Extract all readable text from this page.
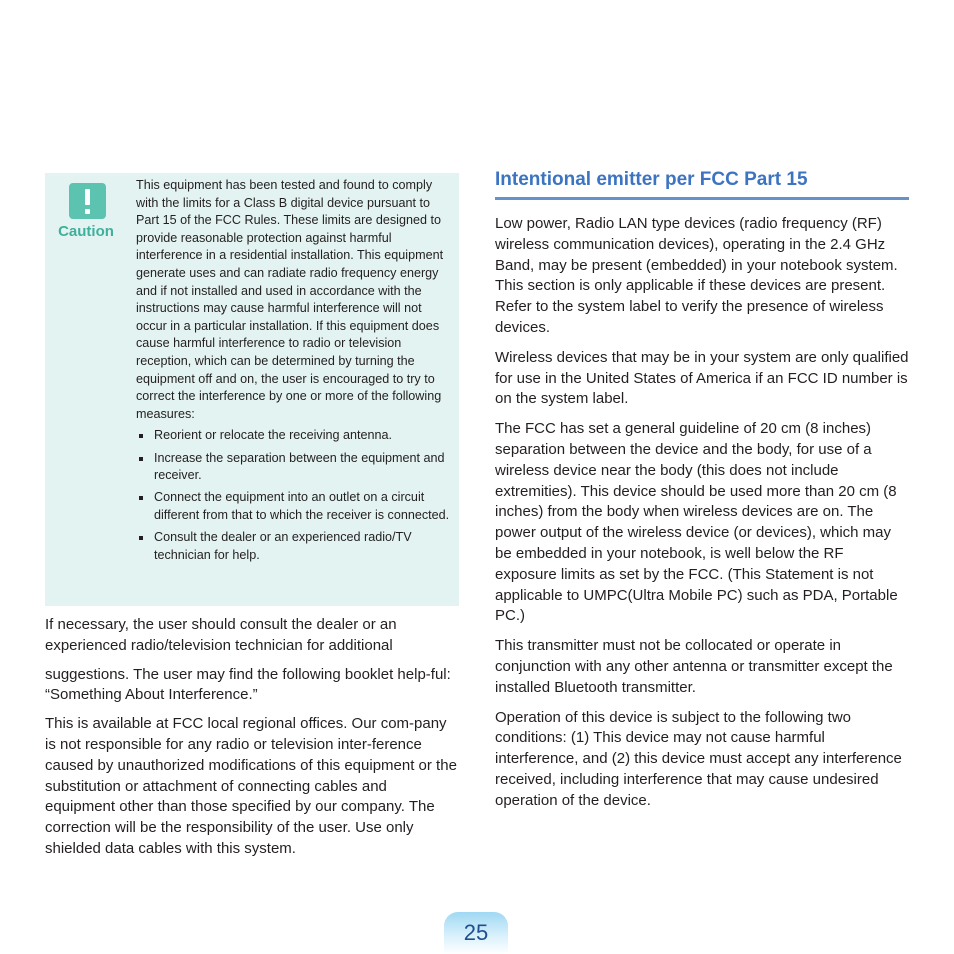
Caution

This equipment has been tested and found to comply with the limits for a Class B digital device pursuant to Part 15 of the FCC Rules. These limits are designed to provide reasonable protection against harmful interference in a residential installation. This equipment generate uses and can radiate radio frequency energy and if not installed and used in accordance with the instructions may cause harmful interference will not occur in a particular installation. If this equipment does cause harmful interference to radio or television reception, which can be determined by turning the equipment off and on, the user is encouraged to try to correct the interference by one or more of the following measures:

Reorient or relocate the receiving antenna.
Increase the separation between the equipment and receiver.
Connect the equipment into an outlet on a circuit different from that to which the receiver is connected.
Consult the dealer or an experienced radio/TV technician for help.

If necessary, the user should consult the dealer or an experienced radio/television technician for additional

suggestions. The user may find the following booklet help-ful: “Something About Interference.”

This is available at FCC local regional offices. Our com-pany is not responsible for any radio or television inter-ference caused by unauthorized modifications of this equipment or the substitution or attachment of connecting cables and equipment other than those specified by our company. The correction will be the responsibility of the user. Use only shielded data cables with this system.

Intentional emitter per FCC Part 15

Low power, Radio LAN type devices (radio frequency (RF) wireless communication devices), operating in the 2.4 GHz Band, may be present (embedded) in your notebook system. This section is only applicable if these devices are present. Refer to the system label to verify the presence of wireless devices.

Wireless devices that may be in your system are only qualified for use in the United States of America if an FCC ID number is on the system label.

The FCC has set a general guideline of 20 cm (8 inches) separation between the device and the body, for use of a wireless device near the body (this does not include extremities). This device should be used more than 20 cm (8 inches) from the body when wireless devices are on. The power output of the wireless device (or devices), which may be embedded in your notebook, is well below the RF exposure limits as set by the FCC. (This Statement is not applicable to UMPC(Ultra Mobile PC) such as PDA, Portable PC.)

This transmitter must not be collocated or operate in conjunction with any other antenna or transmitter except the installed Bluetooth transmitter.

Operation of this device is subject to the following two conditions: (1) This device may not cause harmful interference, and (2) this device must accept any interference received, including interference that may cause undesired operation of the device.

25
